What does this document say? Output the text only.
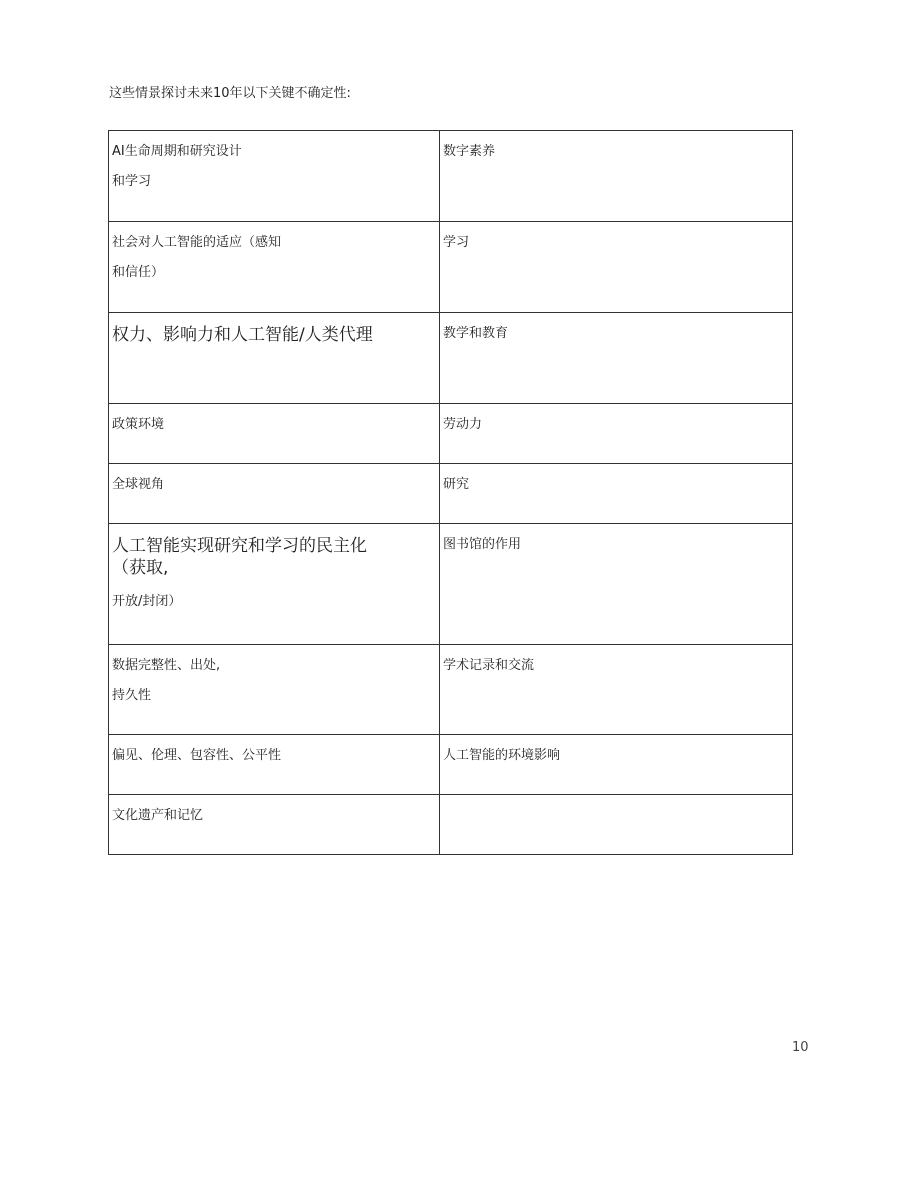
这些情景探讨未来10年以下关键不确定性:
AI生命周期和研究设计
和学习	数字素养
社会对人工智能的适应（感知
和信任）	学习

权力、影响力和人工智能/人类代理	教学和教育
政策环境	劳动力
全球视角	研究

人工智能实现研究和学习的民主化
（获取,
开放/封闭）	图书馆的作用
数据完整性、出处,
持久性	学术记录和交流
偏见、伦理、包容性、公平性	人工智能的环境影响
文化遗产和记忆	
10
